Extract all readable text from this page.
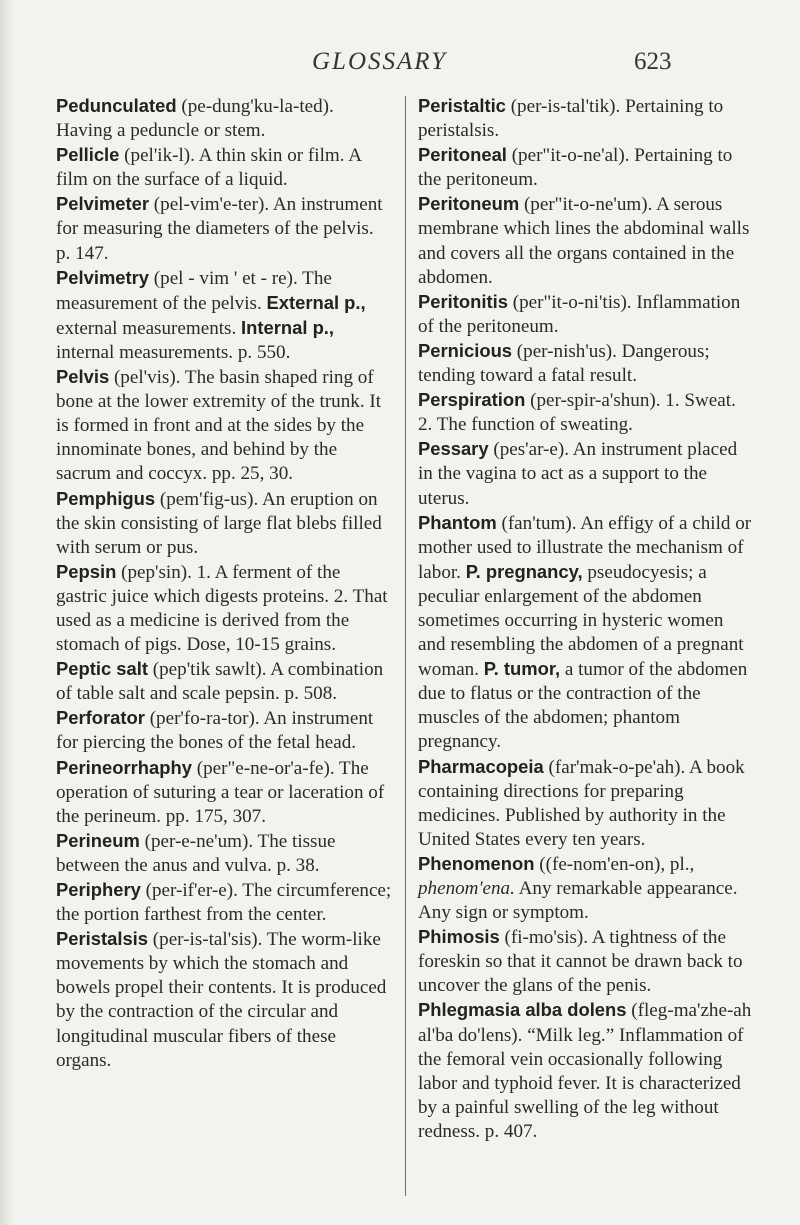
GLOSSARY	623

Pedunculated (pe-dung'ku-la-ted). Having a peduncle or stem.

Pellicle (pel'ik-l). A thin skin or film. A film on the surface of a liquid.

Pelvimeter (pel-vim'e-ter). An instrument for measuring the diameters of the pelvis. p. 147.

Pelvimetry (pel - vim ' et - re). The measurement of the pelvis. External p., external measurements. Internal p., internal measurements. p. 550.

Pelvis (pel'vis). The basin shaped ring of bone at the lower extremity of the trunk. It is formed in front and at the sides by the innominate bones, and behind by the sacrum and coccyx. pp. 25, 30.

Pemphigus (pem'fig-us). An eruption on the skin consisting of large flat blebs filled with serum or pus.

Pepsin (pep'sin). 1. A ferment of the gastric juice which digests proteins. 2. That used as a medicine is derived from the stomach of pigs. Dose, 10-15 grains.

Peptic salt (pep'tik sawlt). A combination of table salt and scale pepsin. p. 508.

Perforator (per'fo-ra-tor). An instrument for piercing the bones of the fetal head.

Perineorrhaphy (per"e-ne-or'a-fe). The operation of suturing a tear or laceration of the perineum. pp. 175, 307.

Perineum (per-e-ne'um). The tissue between the anus and vulva. p. 38.

Periphery (per-if'er-e). The circumference; the portion farthest from the center.

Peristalsis (per-is-tal'sis). The worm-like movements by which the stomach and bowels propel their contents. It is produced by the contraction of the circular and longitudinal muscular fibers of these organs.

Peristaltic (per-is-tal'tik). Pertaining to peristalsis.

Peritoneal (per"it-o-ne'al). Pertaining to the peritoneum.

Peritoneum (per"it-o-ne'um). A serous membrane which lines the abdominal walls and covers all the organs contained in the abdomen.

Peritonitis (per"it-o-ni'tis). Inflammation of the peritoneum.

Pernicious (per-nish'us). Dangerous; tending toward a fatal result.

Perspiration (per-spir-a'shun). 1. Sweat. 2. The function of sweating.

Pessary (pes'ar-e). An instrument placed in the vagina to act as a support to the uterus.

Phantom (fan'tum). An effigy of a child or mother used to illustrate the mechanism of labor. P. pregnancy, pseudocyesis; a peculiar enlargement of the abdomen sometimes occurring in hysteric women and resembling the abdomen of a pregnant woman. P. tumor, a tumor of the abdomen due to flatus or the contraction of the muscles of the abdomen; phantom pregnancy.

Pharmacopeia (far'mak-o-pe'ah). A book containing directions for preparing medicines. Published by authority in the United States every ten years.

Phenomenon ((fe-nom'en-on), pl., phenom'ena. Any remarkable appearance. Any sign or symptom.

Phimosis (fi-mo'sis). A tightness of the foreskin so that it cannot be drawn back to uncover the glans of the penis.

Phlegmasia alba dolens (fleg-ma'zhe-ah al'ba do'lens). “Milk leg.” Inflammation of the femoral vein occasionally following labor and typhoid fever. It is characterized by a painful swelling of the leg without redness. p. 407.
